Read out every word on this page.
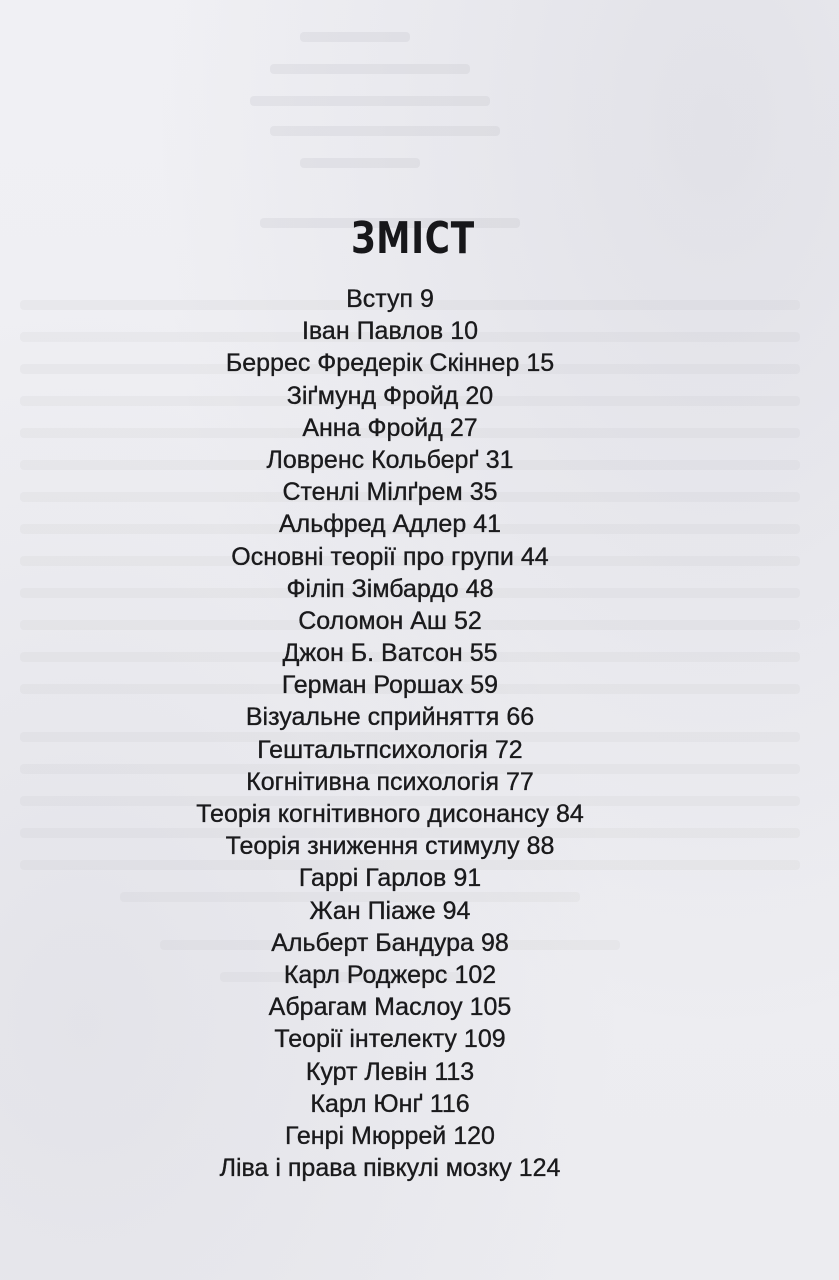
ЗМІСТ
Вступ 9
Іван Павлов 10
Беррес Фредерік Скіннер 15
Зіґмунд Фройд 20
Анна Фройд 27
Ловренс Кольберґ 31
Стенлі Мілґрем 35
Альфред Адлер 41
Основні теорії про групи 44
Філіп Зімбардо 48
Соломон Аш 52
Джон Б. Ватсон 55
Герман Роршах 59
Візуальне сприйняття 66
Гештальтпсихологія 72
Когнітивна психологія 77
Теорія когнітивного дисонансу 84
Теорія зниження стимулу 88
Гаррі Гарлов 91
Жан Піаже 94
Альберт Бандура 98
Карл Роджерс 102
Абрагам Маслоу 105
Теорії інтелекту 109
Курт Левін 113
Карл Юнґ 116
Генрі Мюррей 120
Ліва і права півкулі мозку 124
